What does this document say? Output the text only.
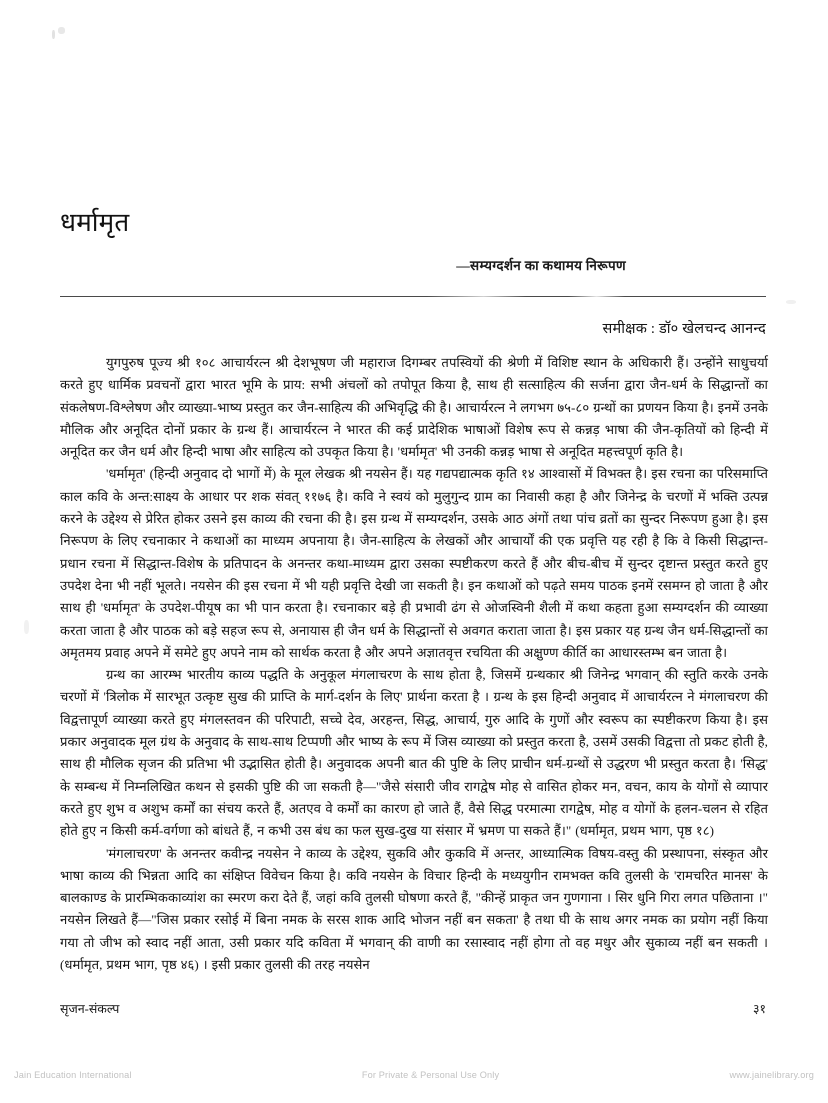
धर्मामृत
—सम्यग्दर्शन का कथामय निरूपण
समीक्षक : डॉ० खेलचन्द आनन्द

युगपुरुष पूज्य श्री १०८ आचार्यरत्न श्री देशभूषण जी महाराज दिगम्बर तपस्वियों की श्रेणी में विशिष्ट स्थान के अधिकारी हैं। उन्होंने साधुचर्या करते हुए धार्मिक प्रवचनों द्वारा भारत भूमि के प्राय: सभी अंचलों को तपोपूत किया है, साथ ही सत्साहित्य की सर्जना द्वारा जैन-धर्म के सिद्धान्तों का संकलेषण-विश्लेषण और व्याख्या-भाष्य प्रस्तुत कर जैन-साहित्य की अभिवृद्धि की है। आचार्यरत्न ने लगभग ७५-८० ग्रन्थों का प्रणयन किया है। इनमें उनके मौलिक और अनूदित दोनों प्रकार के ग्रन्थ हैं। आचार्यरत्न ने भारत की कई प्रादेशिक भाषाओं विशेष रूप से कन्नड़ भाषा की जैन-कृतियों को हिन्दी में अनूदित कर जैन धर्म और हिन्दी भाषा और साहित्य को उपकृत किया है। 'धर्मामृत' भी उनकी कन्नड़ भाषा से अनूदित महत्त्वपूर्ण कृति है।

'धर्मामृत' (हिन्दी अनुवाद दो भागों में) के मूल लेखक श्री नयसेन हैं। यह गद्यपद्यात्मक कृति १४ आश्वासों में विभक्त है। इस रचना का परिसमाप्ति काल कवि के अन्त:साक्ष्य के आधार पर शक संवत् ११७६ है। कवि ने स्वयं को मुलुगुन्द ग्राम का निवासी कहा है और जिनेन्द्र के चरणों में भक्ति उत्पन्न करने के उद्देश्य से प्रेरित होकर उसने इस काव्य की रचना की है। इस ग्रन्थ में सम्यग्दर्शन, उसके आठ अंगों तथा पांच व्रतों का सुन्दर निरूपण हुआ है। इस निरूपण के लिए रचनाकार ने कथाओं का माध्यम अपनाया है। जैन-साहित्य के लेखकों और आचार्यों की एक प्रवृत्ति यह रही है कि वे किसी सिद्धान्त-प्रधान रचना में सिद्धान्त-विशेष के प्रतिपादन के अनन्तर कथा-माध्यम द्वारा उसका स्पष्टीकरण करते हैं और बीच-बीच में सुन्दर दृष्टान्त प्रस्तुत करते हुए उपदेश देना भी नहीं भूलते। नयसेन की इस रचना में भी यही प्रवृत्ति देखी जा सकती है। इन कथाओं को पढ़ते समय पाठक इनमें रसमग्न हो जाता है और साथ ही 'धर्मामृत' के उपदेश-पीयूष का भी पान करता है। रचनाकार बड़े ही प्रभावी ढंग से ओजस्विनी शैली में कथा कहता हुआ सम्यग्दर्शन की व्याख्या करता जाता है और पाठक को बड़े सहज रूप से, अनायास ही जैन धर्म के सिद्धान्तों से अवगत कराता जाता है। इस प्रकार यह ग्रन्थ जैन धर्म-सिद्धान्तों का अमृतमय प्रवाह अपने में समेटे हुए अपने नाम को सार्थक करता है और अपने अज्ञातवृत्त रचयिता की अक्षुण्ण कीर्ति का आधारस्तम्भ बन जाता है।

ग्रन्थ का आरम्भ भारतीय काव्य पद्धति के अनुकूल मंगलाचरण के साथ होता है, जिसमें ग्रन्थकार श्री जिनेन्द्र भगवान् की स्तुति करके उनके चरणों में 'त्रिलोक में सारभूत उत्कृष्ट सुख की प्राप्ति के मार्ग-दर्शन के लिए' प्रार्थना करता है । ग्रन्थ के इस हिन्दी अनुवाद में आचार्यरत्न ने मंगलाचरण की विद्वत्तापूर्ण व्याख्या करते हुए मंगलस्तवन की परिपाटी, सच्चे देव, अरहन्त, सिद्ध, आचार्य, गुरु आदि के गुणों और स्वरूप का स्पष्टीकरण किया है। इस प्रकार अनुवादक मूल ग्रंथ के अनुवाद के साथ-साथ टिप्पणी और भाष्य के रूप में जिस व्याख्या को प्रस्तुत करता है, उसमें उसकी विद्वत्ता तो प्रकट होती है, साथ ही मौलिक सृजन की प्रतिभा भी उद्भासित होती है। अनुवादक अपनी बात की पुष्टि के लिए प्राचीन धर्म-ग्रन्थों से उद्धरण भी प्रस्तुत करता है। 'सिद्ध' के सम्बन्ध में निम्नलिखित कथन से इसकी पुष्टि की जा सकती है—"जैसे संसारी जीव रागद्वेष मोह से वासित होकर मन, वचन, काय के योगों से व्यापार करते हुए शुभ व अशुभ कर्मों का संचय करते हैं, अतएव वे कर्मों का कारण हो जाते हैं, वैसे सिद्ध परमात्मा रागद्वेष, मोह व योगों के हलन-चलन से रहित होते हुए न किसी कर्म-वर्गणा को बांधते हैं, न कभी उस बंध का फल सुख-दुख या संसार में भ्रमण पा सकते हैं।" (धर्मामृत, प्रथम भाग, पृष्ठ १८)

'मंगलाचरण' के अनन्तर कवीन्द्र नयसेन ने काव्य के उद्देश्य, सुकवि और कुकवि में अन्तर, आध्यात्मिक विषय-वस्तु की प्रस्थापना, संस्कृत और भाषा काव्य की भिन्नता आदि का संक्षिप्त विवेचन किया है। कवि नयसेन के विचार हिन्दी के मध्ययुगीन रामभक्त कवि तुलसी के 'रामचरित मानस' के बालकाण्ड के प्रारम्भिककाव्यांश का स्मरण करा देते हैं, जहां कवि तुलसी घोषणा करते हैं, "कीन्हें प्राकृत जन गुणगाना । सिर धुनि गिरा लगत पछिताना ।" नयसेन लिखते हैं—"जिस प्रकार रसोई में बिना नमक के सरस शाक आदि भोजन नहीं बन सकता' है तथा घी के साथ अगर नमक का प्रयोग नहीं किया गया तो जीभ को स्वाद नहीं आता, उसी प्रकार यदि कविता में भगवान् की वाणी का रसास्वाद नहीं होगा तो वह मधुर और सुकाव्य नहीं बन सकती । (धर्मामृत, प्रथम भाग, पृष्ठ ४६) । इसी प्रकार तुलसी की तरह नयसेन

सृजन-संकल्प	३१
Jain Education International	For Private & Personal Use Only	www.jainelibrary.org
